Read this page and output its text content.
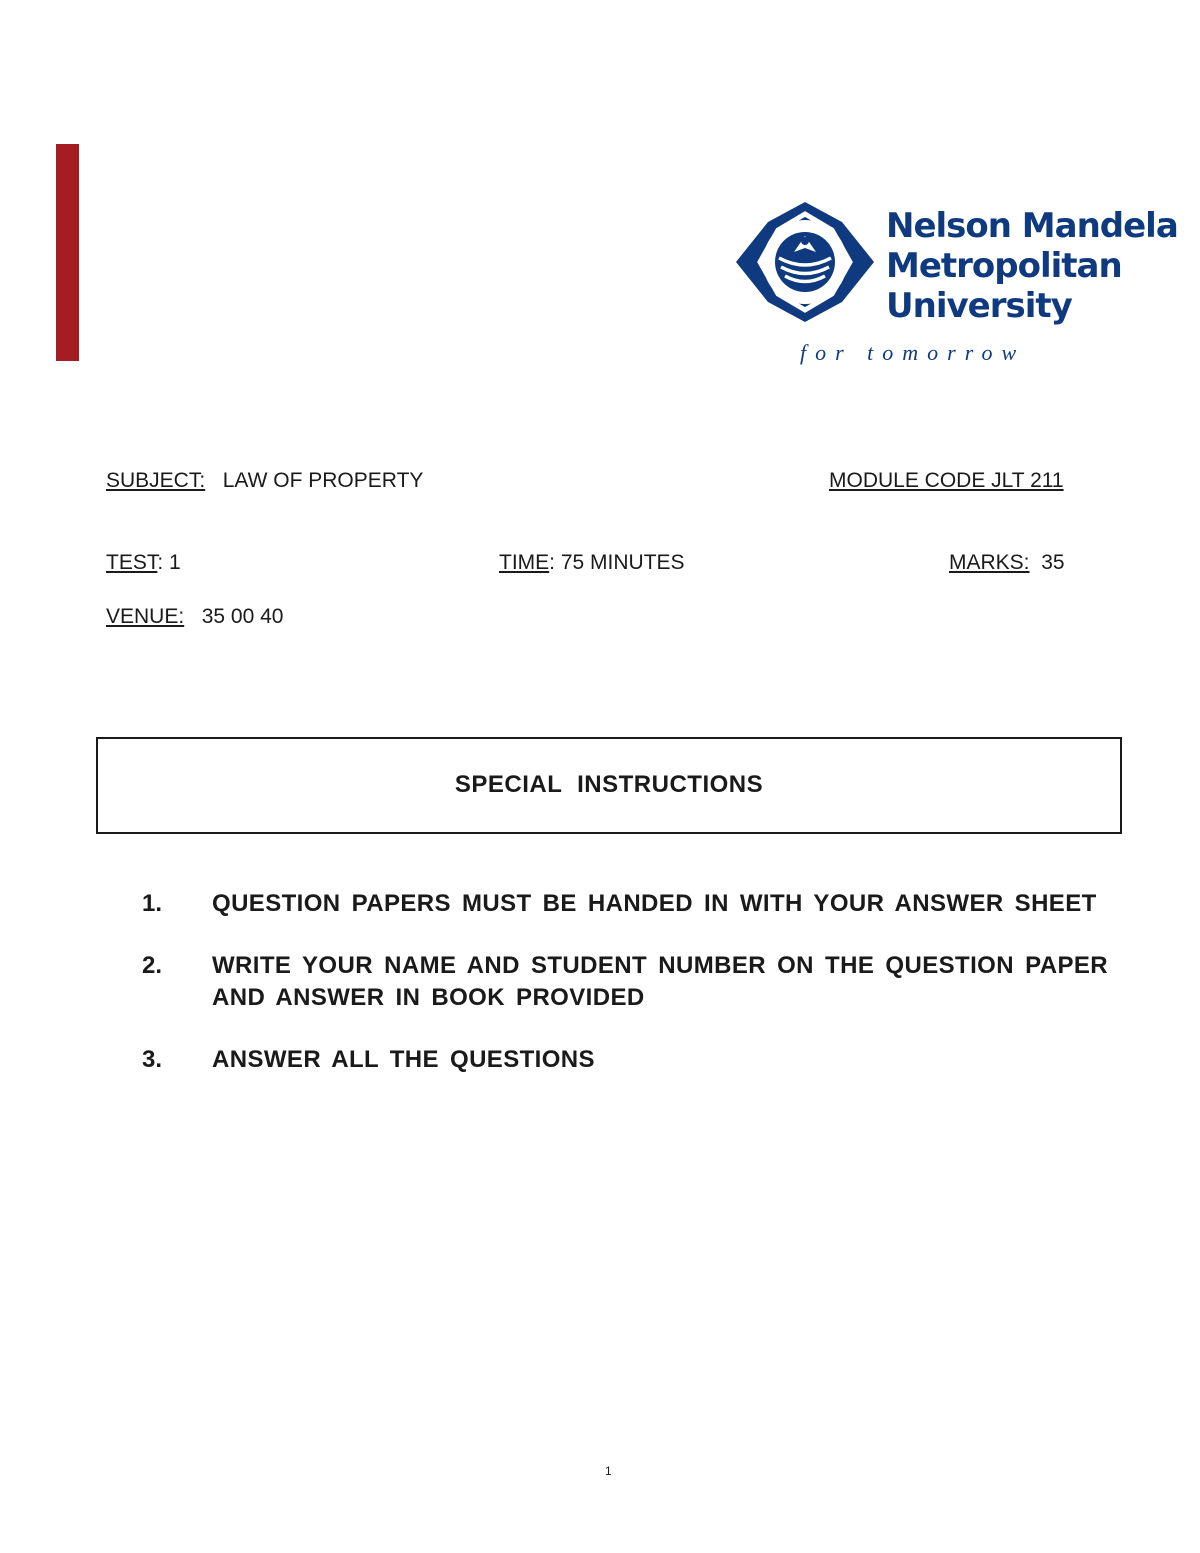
Nelson Mandela
Metropolitan
University
for tomorrow
SUBJECT: LAW OF PROPERTY	MODULE CODE JLT 211
TEST: 1	TIME: 75 MINUTES	MARKS: 35
VENUE: 35 00 40
SPECIAL INSTRUCTIONS
1. QUESTION PAPERS MUST BE HANDED IN WITH YOUR ANSWER SHEET
2. WRITE YOUR NAME AND STUDENT NUMBER ON THE QUESTION PAPER AND ANSWER IN BOOK PROVIDED
3. ANSWER ALL THE QUESTIONS
1
